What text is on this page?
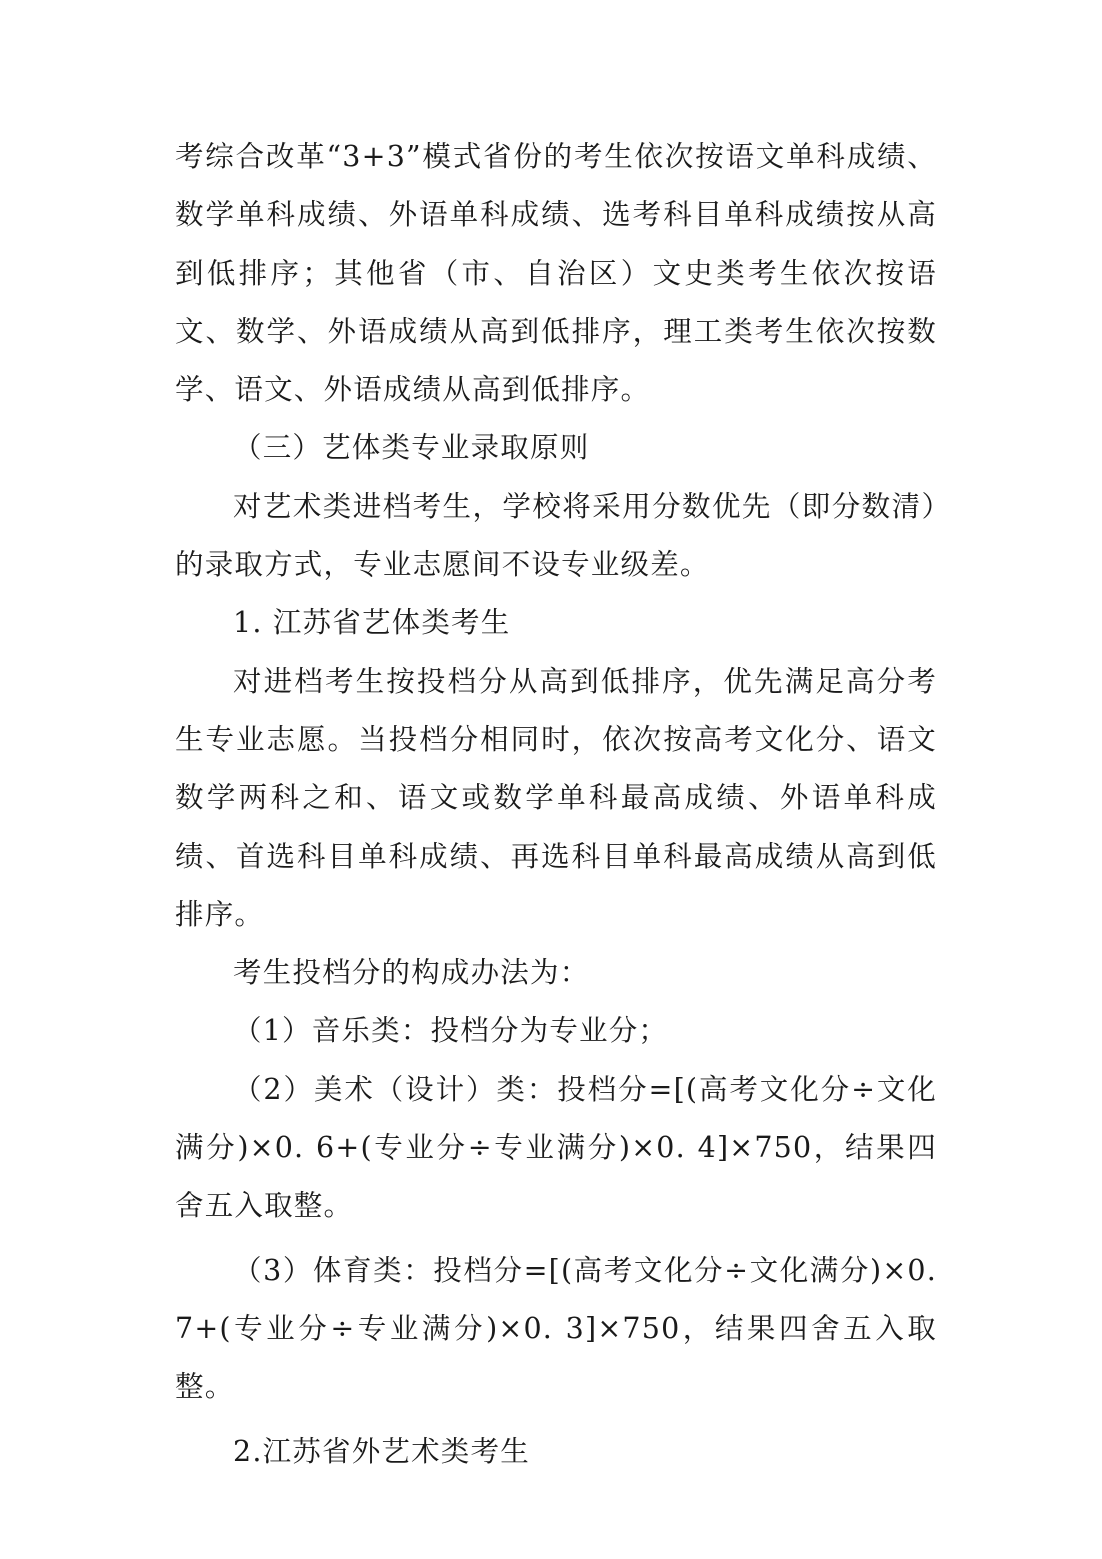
考综合改革“3+3”模式省份的考生依次按语文单科成绩、数学单科成绩、外语单科成绩、选考科目单科成绩按从高到低排序；其他省（市、自治区）文史类考生依次按语文、数学、外语成绩从高到低排序，理工类考生依次按数学、语文、外语成绩从高到低排序。

（三）艺体类专业录取原则

对艺术类进档考生，学校将采用分数优先（即分数清）的录取方式，专业志愿间不设专业级差。

1. 江苏省艺体类考生

对进档考生按投档分从高到低排序，优先满足高分考生专业志愿。当投档分相同时，依次按高考文化分、语文数学两科之和、语文或数学单科最高成绩、外语单科成绩、首选科目单科成绩、再选科目单科最高成绩从高到低排序。

考生投档分的构成办法为：

（1）音乐类：投档分为专业分；

（2）美术（设计）类：投档分=[(高考文化分÷文化满分)×0. 6+(专业分÷专业满分)×0. 4]×750，结果四舍五入取整。

（3）体育类：投档分=[(高考文化分÷文化满分)×0. 7+(专业分÷专业满分)×0. 3]×750，结果四舍五入取整。

2.江苏省外艺术类考生
